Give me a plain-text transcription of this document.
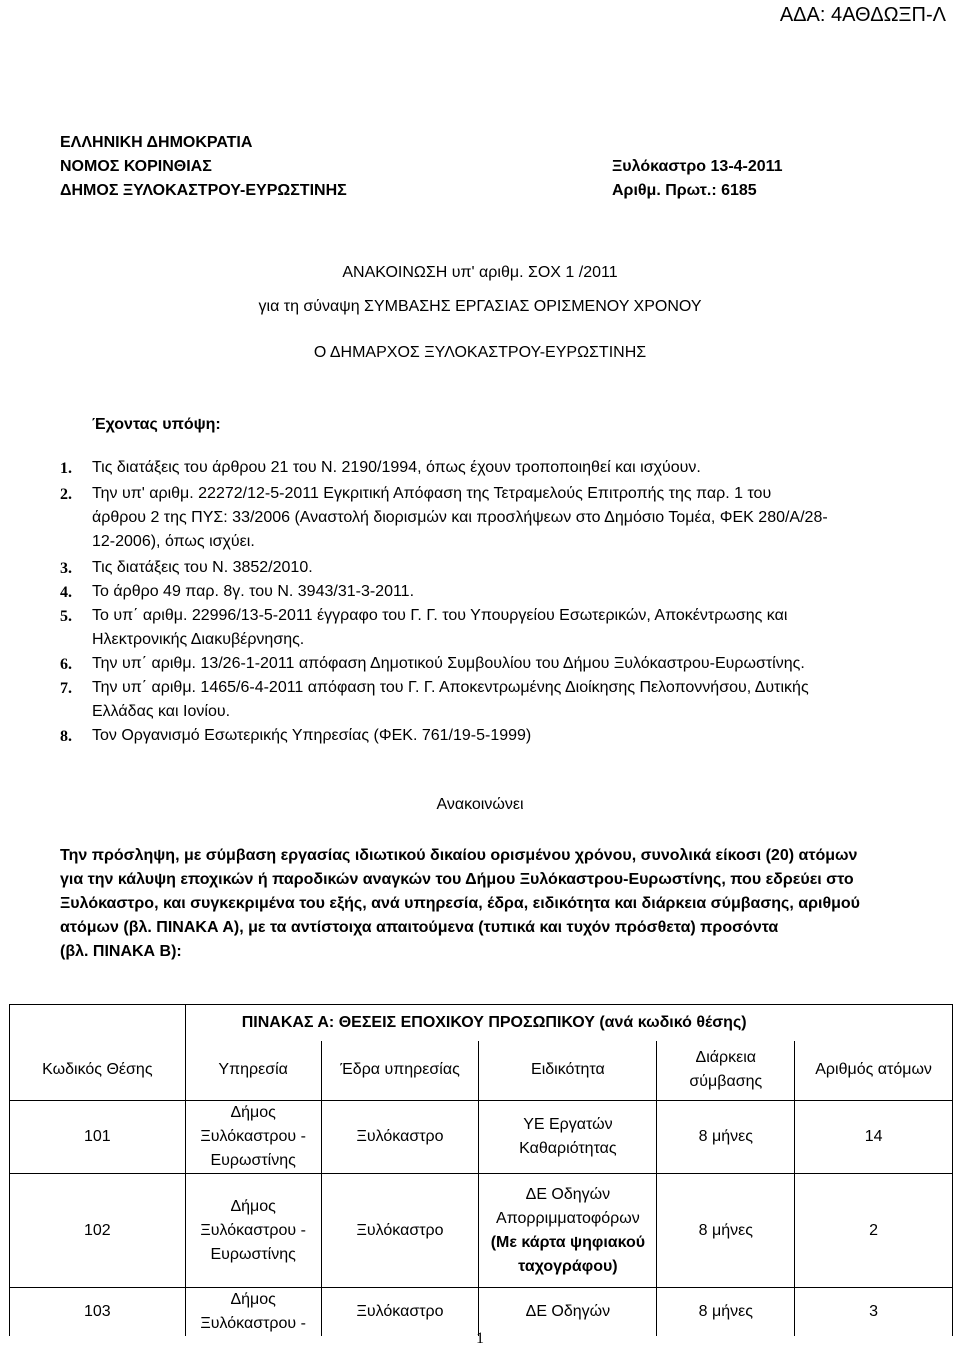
ΑΔΑ: 4ΑΘΔΩΞΠ-Λ
ΕΛΛΗΝΙΚΗ ΔΗΜΟΚΡΑΤΙΑ
ΝΟΜΟΣ ΚΟΡΙΝΘΙΑΣ
ΔΗΜΟΣ ΞΥΛΟΚΑΣΤΡΟΥ-ΕΥΡΩΣΤΙΝΗΣ
Ξυλόκαστρο 13-4-2011
Αριθμ. Πρωτ.: 6185
ΑΝΑΚΟΙΝΩΣΗ υπ' αριθμ. ΣΟΧ 1 /2011
για τη σύναψη ΣΥΜΒΑΣΗΣ ΕΡΓΑΣΙΑΣ ΟΡΙΣΜΕΝΟΥ ΧΡΟΝΟΥ
Ο ΔΗΜΑΡΧΟΣ ΞΥΛΟΚΑΣΤΡΟΥ-ΕΥΡΩΣΤΙΝΗΣ
Έχοντας υπόψη:
1. Τις διατάξεις του άρθρου 21 του Ν. 2190/1994, όπως έχουν τροποποιηθεί και ισχύουν.
2. Την υπ' αριθμ. 22272/12-5-2011 Εγκριτική Απόφαση της Τετραμελούς Επιτροπής της παρ. 1 του
άρθρου 2 της ΠΥΣ: 33/2006 (Αναστολή διορισμών και προσλήψεων στο Δημόσιο Τομέα, ΦΕΚ 280/Α/28-
12-2006), όπως ισχύει.
3. Τις διατάξεις του Ν. 3852/2010.
4. Το άρθρο 49 παρ. 8γ. του Ν. 3943/31-3-2011.
5. Το υπ΄ αριθμ. 22996/13-5-2011 έγγραφο του Γ. Γ. του Υπουργείου Εσωτερικών, Αποκέντρωσης και
Ηλεκτρονικής Διακυβέρνησης.
6. Την υπ΄ αριθμ. 13/26-1-2011 απόφαση Δημοτικού Συμβουλίου του Δήμου Ξυλόκαστρου-Ευρωστίνης.
7. Την υπ΄ αριθμ. 1465/6-4-2011 απόφαση του Γ. Γ. Αποκεντρωμένης Διοίκησης Πελοποννήσου, Δυτικής
Ελλάδας και Ιονίου.
8. Τον Οργανισμό Εσωτερικής Υπηρεσίας (ΦΕΚ. 761/19-5-1999)
Ανακοινώνει
Την πρόσληψη, με σύμβαση εργασίας ιδιωτικού δικαίου ορισμένου χρόνου, συνολικά είκοσι (20) ατόμων
για την κάλυψη εποχικών ή παροδικών αναγκών του Δήμου Ξυλόκαστρου-Ευρωστίνης, που εδρεύει στο
Ξυλόκαστρο, και συγκεκριμένα του εξής, ανά υπηρεσία, έδρα, ειδικότητα και διάρκεια σύμβασης, αριθμού
ατόμων (βλ. ΠΙΝΑΚΑ Α), με τα αντίστοιχα απαιτούμενα (τυπικά και τυχόν πρόσθετα) προσόντα
(βλ. ΠΙΝΑΚΑ Β):
	ΠΙΝΑΚΑΣ Α: ΘΕΣΕΙΣ ΕΠΟΧΙΚΟΥ ΠΡΟΣΩΠΙΚΟΥ (ανά κωδικό θέσης)				
Κωδικός Θέσης	Υπηρεσία	Έδρα υπηρεσίας	Ειδικότητα	Διάρκεια σύμβασης	Αριθμός ατόμων
101	Δήμος Ξυλόκαστρου - Ευρωστίνης	Ξυλόκαστρο	ΥΕ Εργατών Καθαριότητας	8 μήνες	14
102	Δήμος Ξυλόκαστρου - Ευρωστίνης	Ξυλόκαστρο	ΔΕ Οδηγών Απορριμματοφόρων
(Με κάρτα ψηφιακού ταχογράφου)	8 μήνες	2
103	Δήμος Ξυλόκαστρου -	Ξυλόκαστρο	ΔΕ Οδηγών	8 μήνες	3
1
